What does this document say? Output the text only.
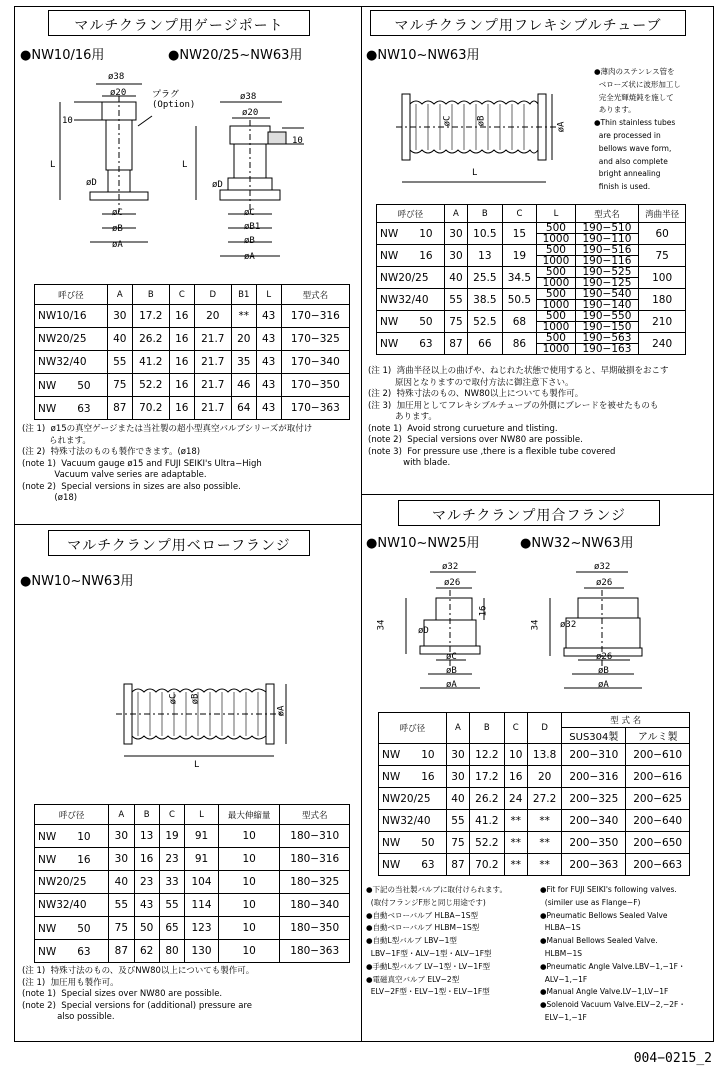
マルチクランプ用ゲージポート
●NW10/16用	●NW20/25~NW63用
ø38
ø20
10
L
øD
øC
øB
øA
プラグ
(Option)
ø38
ø20
10
L
øD
øC
øB1
øB
øA
呼び径	A	B	C	D	B1	L	型式名
NW10/16	30	17.2	16	20	**	43	170−316
NW20/25	40	26.2	16	21.7	20	43	170−325
NW32/40	55	41.2	16	21.7	35	43	170−340
NW　　50	75	52.2	16	21.7	46	43	170−350
NW　　63	87	70.2	16	21.7	64	43	170−363
(注 1)  ø15の真空ゲージまたは当社製の超小型真空バルブシリーズが取付け
られます。
(注 2)  特殊寸法のものも製作できます。(ø18)
(note 1)  Vacuum gauge ø15 and FUJI SEIKI's Ultra−High
Vacuum valve series are adaptable.
(note 2)  Special versions in sizes are also possible.
(ø18)
マルチクランプ用ベローフランジ
●NW10~NW63用
øC øB
øA
L
呼び径	A	B	C	L	最大伸縮量	型式名
NW　　10	30	13	19	91	10	180−310
NW　　16	30	16	23	91	10	180−316
NW20/25	40	23	33	104	10	180−325
NW32/40	55	43	55	114	10	180−340
NW　　50	75	50	65	123	10	180−350
NW　　63	87	62	80	130	10	180−363
(注 1)  特殊寸法のもの、及びNW80以上についても製作可。
(注 1)  加圧用も製作可。
(note 1)  Special sizes over NW80 are possible.
(note 2)  Special versions for (additional) pressure are
also possible.
マルチクランプ用フレキシブルチューブ
●NW10~NW63用
øC	øB
øA
L
●薄肉のステンレス管を
ベローズ状に波形加工し
完全光輝焼鈍を施して
あります。
●Thin stainless tubes
are processed in
bellows wave form,
and also complete
bright annealing
finish is used.
呼び径	A	B	C	L	型式名	湾曲半径
NW　　10	30	10.5	15	500	190−510	60
				1000	190−110	
NW　　16	30	13	19	500	190−516	75
				1000	190−116	
NW20/25	40	25.5	34.5	500	190−525	100
				1000	190−125	
NW32/40	55	38.5	50.5	500	190−540	180
				1000	190−140	
NW　　50	75	52.5	68	500	190−550	210
				1000	190−150	
NW　　63	87	66	86	500	190−563	240
				1000	190−163	
(注 1)  湾曲半径以上の曲げや、ねじれた状態で使用すると、早期破損をおこす
原因となりますので取付方法に御注意下さい。
(注 2)  特殊寸法のもの、NW80以上についても製作可。
(注 3)  加圧用としてフレキシブルチューブの外側にブレードを被せたものも
あります。
(note 1)  Avoid strong curueture and tlisting.
(note 2)  Special versions over NW80 are possible.
(note 3)  For pressure use ,there is a flexible tube covered
with blade.
マルチクランプ用合フランジ
●NW10~NW25用	●NW32~NW63用
ø32
ø26
16
34
øD
øC
øB
øA
ø32
ø26
34 ø32
ø26
øB
øA
呼び径	A	B	C	D	型 式 名	
					SUS304製	アルミ製
NW　　10	30	12.2	10	13.8	200−310	200−610
NW　　16	30	17.2	16	20	200−316	200−616
NW20/25	40	26.2	24	27.2	200−325	200−625
NW32/40	55	41.2	**	**	200−340	200−640
NW　　50	75	52.2	**	**	200−350	200−650
NW　　63	87	70.2	**	**	200−363	200−663
●下記の当社製バルブに取付けられます。
(取付フランジF形と同じ用途です)
●自動ベローバルブ HLBA−1S型
●自動ベローバルブ HLBM−1S型
●自動L型バルブ LBV−1型
LBV−1F型・ALV−1型・ALV−1F型
●手動L型バルブ LV−1型・LV−1F型
●電磁真空バルブ ELV−2型
ELV−2F型・ELV−1型・ELV−1F型
●Fit for FUJI SEIKI's following valves.
(similer use as Flange−F)
●Pneumatic Bellows Sealed Valve
HLBA−1S
●Manual Bellows Sealed Valve.
HLBM−1S
●Pneumatic Angle Valve.LBV−1,−1F・
ALV−1,−1F
●Manual Angle Valve.LV−1,LV−1F
●Solenoid Vacuum Valve.ELV−2,−2F・
ELV−1,−1F
004−0215_2
